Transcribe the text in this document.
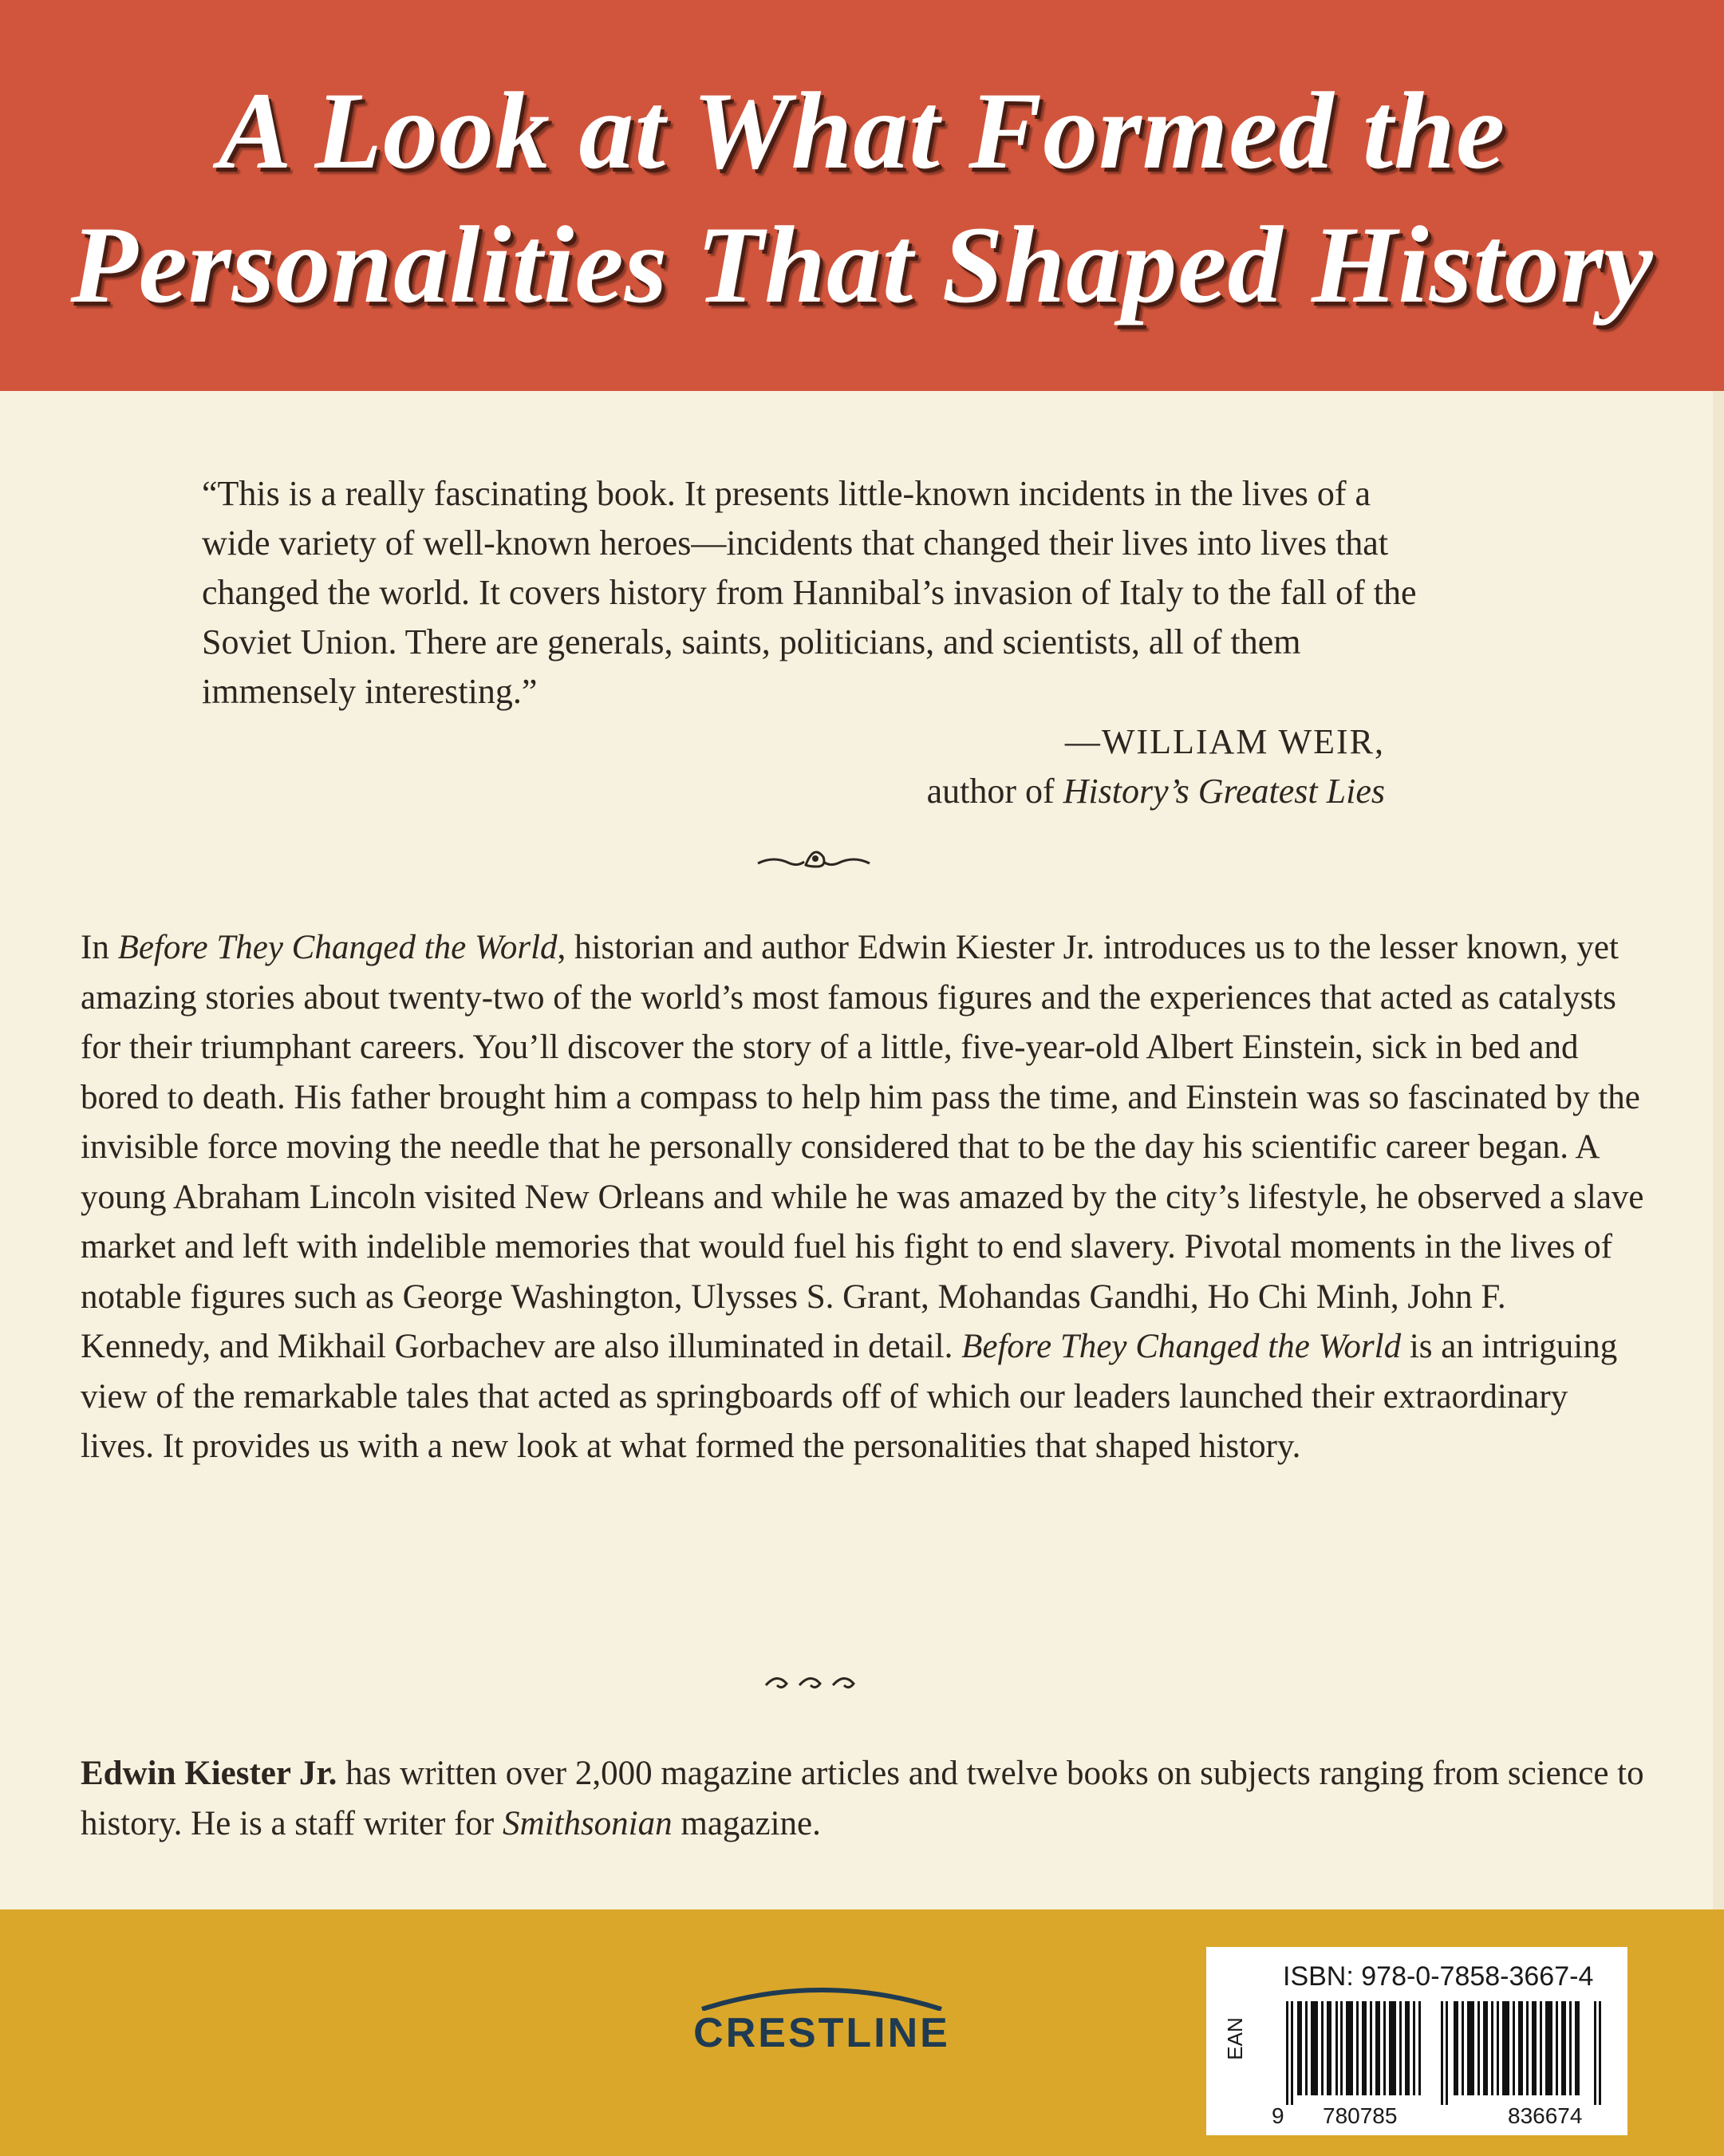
A Look at What Formed the
Personalities That Shaped History

“This is a really fascinating book. It presents little-known incidents in the lives of a wide variety of well-known heroes—incidents that changed their lives into lives that changed the world. It covers history from Hannibal’s invasion of Italy to the fall of the Soviet Union. There are generals, saints, politicians, and scientists, all of them immensely interesting.”

—WILLIAM WEIR,
author of History’s Greatest Lies

In Before They Changed the World, historian and author Edwin Kiester Jr. introduces us to the lesser known, yet amazing stories about twenty-two of the world’s most famous figures and the experiences that acted as catalysts for their triumphant careers. You’ll discover the story of a little, five-year-old Albert Einstein, sick in bed and bored to death. His father brought him a compass to help him pass the time, and Einstein was so fascinated by the invisible force moving the needle that he personally considered that to be the day his scientific career began. A young Abraham Lincoln visited New Orleans and while he was amazed by the city’s lifestyle, he observed a slave market and left with indelible memories that would fuel his fight to end slavery. Pivotal moments in the lives of notable figures such as George Washington, Ulysses S. Grant, Mohandas Gandhi, Ho Chi Minh, John F. Kennedy, and Mikhail Gorbachev are also illuminated in detail. Before They Changed the World is an intriguing view of the remarkable tales that acted as springboards off of which our leaders launched their extraordinary lives. It provides us with a new look at what formed the personalities that shaped history.

Edwin Kiester Jr. has written over 2,000 magazine articles and twelve books on subjects ranging from science to history. He is a staff writer for Smithsonian magazine.

CRESTLINE
ISBN: 978-0-7858-3667-4
EAN
9 780785	836674
